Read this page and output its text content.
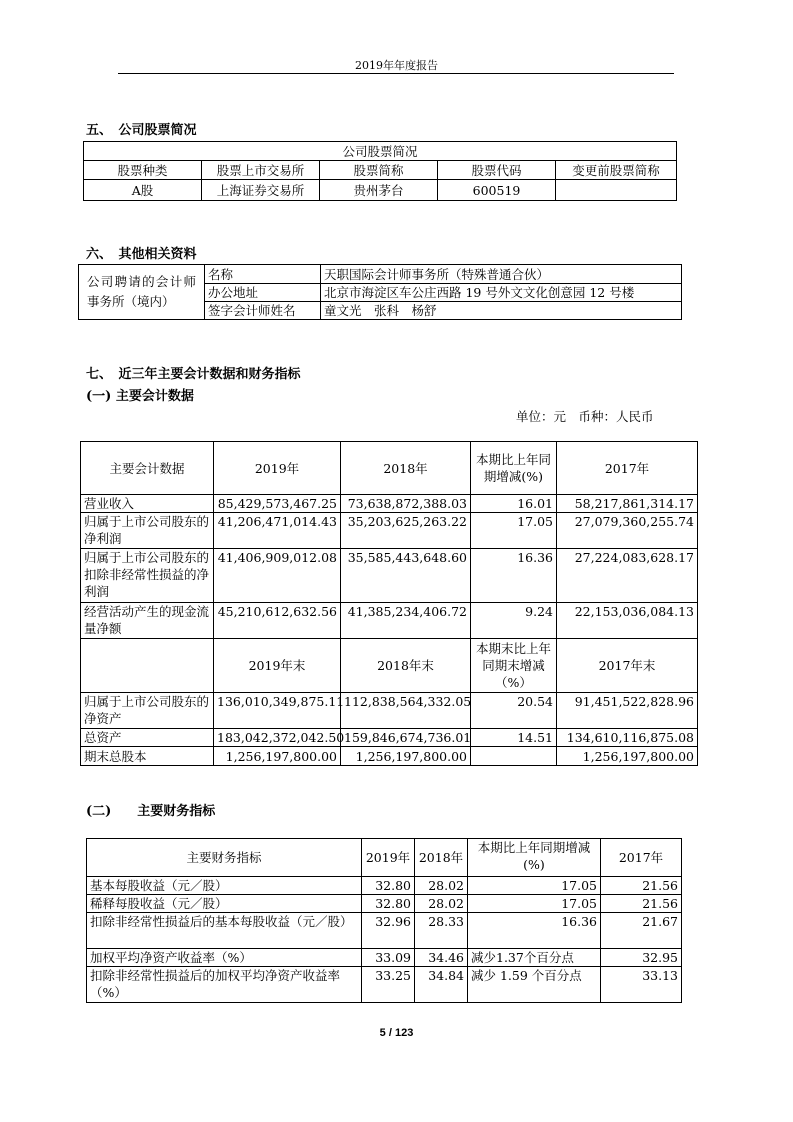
2019年年度报告
五、　公司股票简况
公司股票简况				
股票种类	股票上市交易所	股票简称	股票代码	变更前股票简称
A股	上海证券交易所	贵州茅台	600519	
六、　其他相关资料
公司聘请的会计师事务所（境内）	名称	天职国际会计师事务所（特殊普通合伙）
	办公地址	北京市海淀区车公庄西路 19 号外文文化创意园 12 号楼
	签字会计师姓名	童文光　张科　杨舒
七、　近三年主要会计数据和财务指标
(一) 主要会计数据
单位：元　币种：人民币
主要会计数据	2019年	2018年	本期比上年同期增减(%)	2017年
营业收入	85,429,573,467.25	73,638,872,388.03	16.01	58,217,861,314.17
归属于上市公司股东的净利润	41,206,471,014.43	35,203,625,263.22	17.05	27,079,360,255.74
归属于上市公司股东的扣除非经常性损益的净利润	41,406,909,012.08	35,585,443,648.60	16.36	27,224,083,628.17
经营活动产生的现金流量净额	45,210,612,632.56	41,385,234,406.72	9.24	22,153,036,084.13
	2019年末	2018年末	本期末比上年同期末增减（%）	2017年末
归属于上市公司股东的净资产	136,010,349,875.11	112,838,564,332.05	20.54	91,451,522,828.96
总资产	183,042,372,042.50	159,846,674,736.01	14.51	134,610,116,875.08
期末总股本	1,256,197,800.00	1,256,197,800.00		1,256,197,800.00
(二)　　主要财务指标
主要财务指标	2019年	2018年	本期比上年同期增减(%)	2017年
基本每股收益（元／股）	32.80	28.02	17.05	21.56
稀释每股收益（元／股）	32.80	28.02	17.05	21.56
扣除非经常性损益后的基本每股收益（元／股）	32.96	28.33	16.36	21.67
加权平均净资产收益率（%）	33.09	34.46	减少1.37个百分点	32.95
扣除非经常性损益后的加权平均净资产收益率（%）	33.25	34.84	减少 1.59 个百分点	33.13
5 / 123
